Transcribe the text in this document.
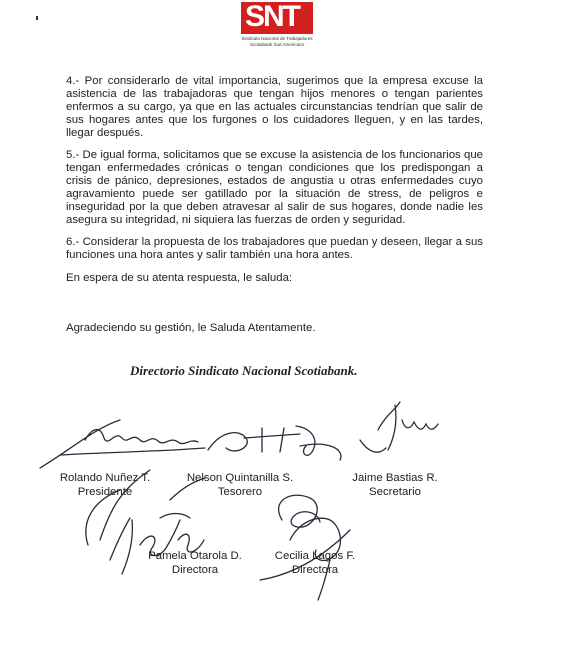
SNT
Sindicato Nacional de Trabajadores
Scotiabank Sud Americano

4.- Por considerarlo de vital importancia, sugerimos que la empresa excuse la asistencia de las trabajadoras que tengan hijos menores o tengan parientes enfermos a su cargo, ya que en las actuales circunstancias tendrían que salir de sus hogares antes que los furgones o los cuidadores lleguen, y en las tardes, llegar después.

5.- De igual forma, solicitamos que se excuse la asistencia de los funcionarios que tengan enfermedades crónicas o tengan condiciones que los predispongan a crisis de pánico, depresiones, estados de angustia u otras enfermedades cuyo agravamiento puede ser gatillado por la situación de stress, de peligros e inseguridad por la que deben atravesar al salir de sus hogares, donde nadie les asegura su integridad, ni siquiera las fuerzas de orden y seguridad.

6.- Considerar la propuesta de los trabajadores que puedan y deseen, llegar a sus funciones una hora antes y salir también una hora antes.

En espera de su atenta respuesta, le saluda:

Agradeciendo su gestión, le Saluda Atentamente.

Directorio Sindicato Nacional Scotiabank.
Rolando Nuñez T.
Presidente
Nelson Quintanilla S.
Tesorero
Jaime Bastias R.
Secretario
Pamela Otarola D.
Directora
Cecilia Lagos F.
Directora
